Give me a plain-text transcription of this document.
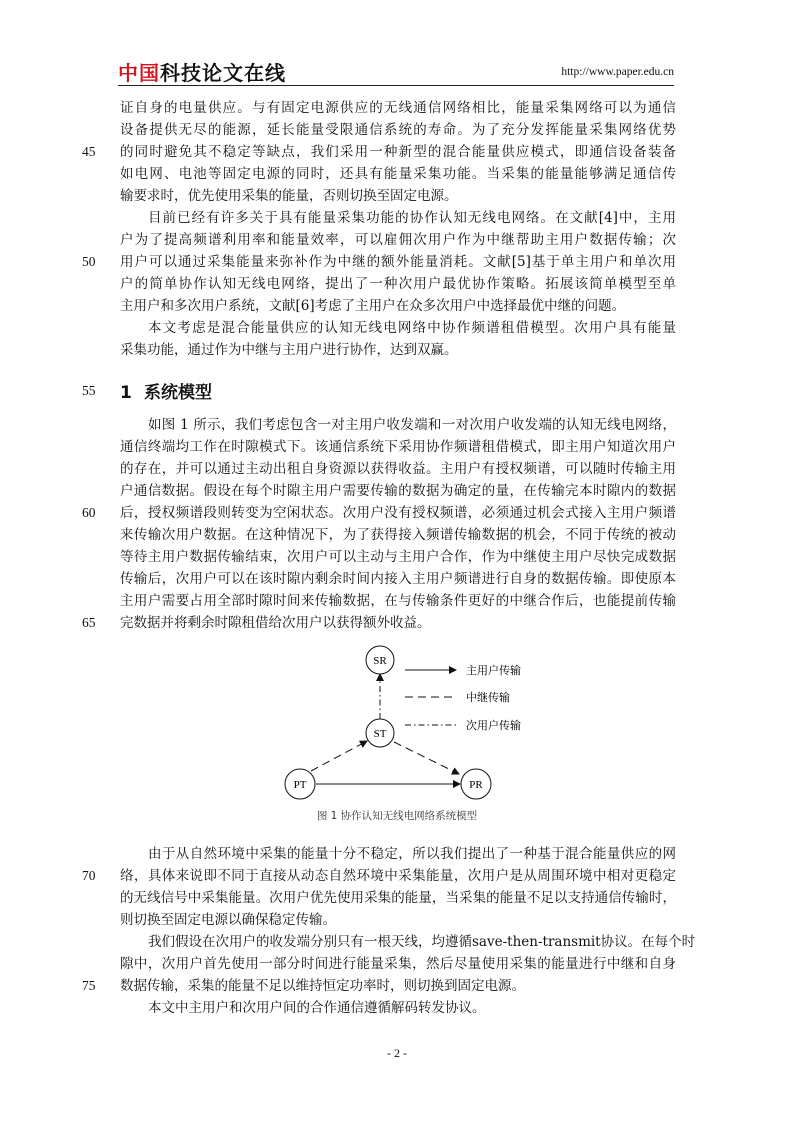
中国科技论文在线	http://www.paper.edu.cn
证自身的电量供应。与有固定电源供应的无线通信网络相比，能量采集网络可以为通信
设备提供无尽的能源，延长能量受限通信系统的寿命。为了充分发挥能量采集网络优势
的同时避免其不稳定等缺点，我们采用一种新型的混合能量供应模式，即通信设备装备
45
如电网、电池等固定电源的同时，还具有能量采集功能。当采集的能量能够满足通信传
输要求时，优先使用采集的能量，否则切换至固定电源。
目前已经有许多关于具有能量采集功能的协作认知无线电网络。在文献[4]中，主用
户为了提高频谱利用率和能量效率，可以雇佣次用户作为中继帮助主用户数据传输；次
用户可以通过采集能量来弥补作为中继的额外能量消耗。文献[5]基于单主用户和单次用
50
户的简单协作认知无线电网络，提出了一种次用户最优协作策略。拓展该简单模型至单
主用户和多次用户系统，文献[6]考虑了主用户在众多次用户中选择最优中继的问题。
本文考虑是混合能量供应的认知无线电网络中协作频谱租借模型。次用户具有能量
采集功能，通过作为中继与主用户进行协作，达到双赢。
55 1 系统模型
如图 1 所示，我们考虑包含一对主用户收发端和一对次用户收发端的认知无线电网络，
通信终端均工作在时隙模式下。该通信系统下采用协作频谱租借模式，即主用户知道次用户
的存在，并可以通过主动出租自身资源以获得收益。主用户有授权频谱，可以随时传输主用
户通信数据。假设在每个时隙主用户需要传输的数据为确定的量，在传输完本时隙内的数据
后，授权频谱段则转变为空闲状态。次用户没有授权频谱，必须通过机会式接入主用户频谱
60
来传输次用户数据。在这种情况下，为了获得接入频谱传输数据的机会，不同于传统的被动
等待主用户数据传输结束，次用户可以主动与主用户合作，作为中继使主用户尽快完成数据
传输后，次用户可以在该时隙内剩余时间内接入主用户频谱进行自身的数据传输。即使原本
主用户需要占用全部时隙时间来传输数据，在与传输条件更好的中继合作后，也能提前传输
完数据并将剩余时隙租借给次用户以获得额外收益。
65
SR
ST
PT	PR
主用户传输
中继传输
次用户传输
图 1 协作认知无线电网络系统模型
由于从自然环境中采集的能量十分不稳定，所以我们提出了一种基于混合能量供应的网
络，具体来说即不同于直接从动态自然环境中采集能量，次用户是从周围环境中相对更稳定
70
的无线信号中采集能量。次用户优先使用采集的能量，当采集的能量不足以支持通信传输时，
则切换至固定电源以确保稳定传输。
我们假设在次用户的收发端分别只有一根天线，均遵循save-then-transmit协议。在每个时
隙中，次用户首先使用一部分时间进行能量采集，然后尽量使用采集的能量进行中继和自身
数据传输，采集的能量不足以维持恒定功率时，则切换到固定电源。
75
本文中主用户和次用户间的合作通信遵循解码转发协议。
- 2 -
